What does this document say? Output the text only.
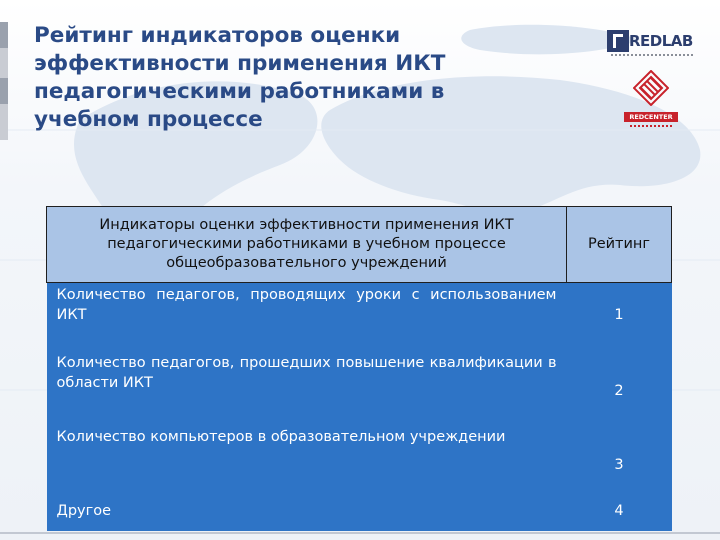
Рейтинг индикаторов оценки эффективности применения ИКТ педагогическими работниками в учебном процессе
REDLAB
REDCENTER
Индикаторы оценки эффективности применения ИКТ педагогическими работниками в учебном процессе общеобразовательного учреждений	Рейтинг
Количество педагогов, проводящих уроки с использованием ИКТ	1
Количество педагогов, прошедших повышение квалификации в области ИКТ	2
Количество компьютеров в образовательном учреждении	3
Другое	4
